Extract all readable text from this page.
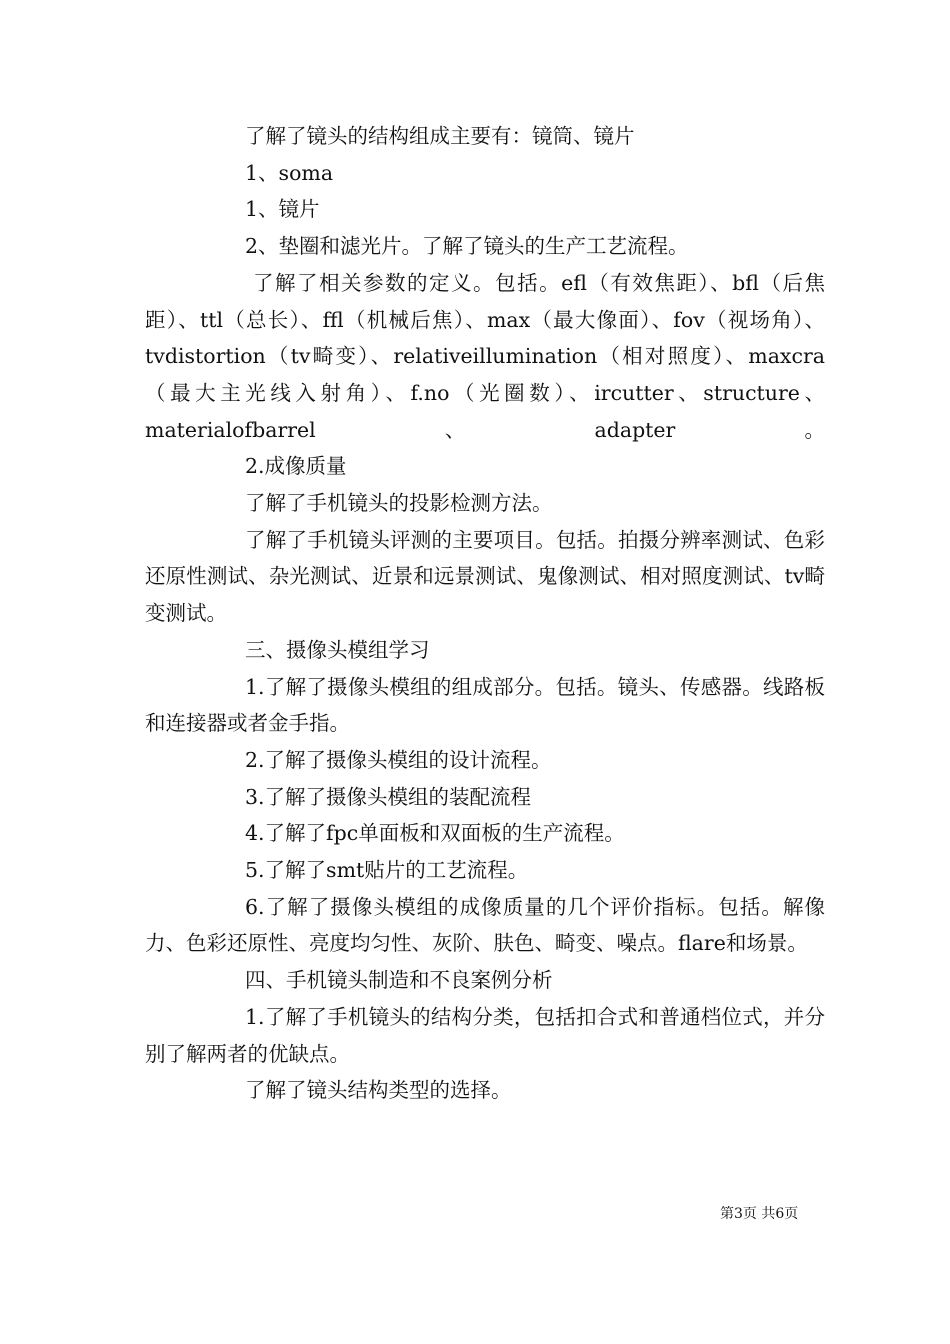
了解了镜头的结构组成主要有：镜筒、镜片

1、soma

1、镜片

2、垫圈和滤光片。了解了镜头的生产工艺流程。

了解了相关参数的定义。包括。efl（有效焦距）、bfl（后焦距）、ttl（总长）、ffl（机械后焦）、max（最大像面）、fov（视场角）、tvdistortion（tv畸变）、relativeillumination（相对照度）、maxcra（最大主光线入射角）、f.no（光圈数）、ircutter、structure、materialofbarrel、adapter。

2.成像质量

了解了手机镜头的投影检测方法。

了解了手机镜头评测的主要项目。包括。拍摄分辨率测试、色彩还原性测试、杂光测试、近景和远景测试、鬼像测试、相对照度测试、tv畸变测试。

三、摄像头模组学习

1.了解了摄像头模组的组成部分。包括。镜头、传感器。线路板和连接器或者金手指。

2.了解了摄像头模组的设计流程。

3.了解了摄像头模组的装配流程

4.了解了fpc单面板和双面板的生产流程。

5.了解了smt贴片的工艺流程。

6.了解了摄像头模组的成像质量的几个评价指标。包括。解像力、色彩还原性、亮度均匀性、灰阶、肤色、畸变、噪点。flare和场景。

四、手机镜头制造和不良案例分析

1.了解了手机镜头的结构分类，包括扣合式和普通档位式，并分别了解两者的优缺点。

了解了镜头结构类型的选择。

第3页 共6页
